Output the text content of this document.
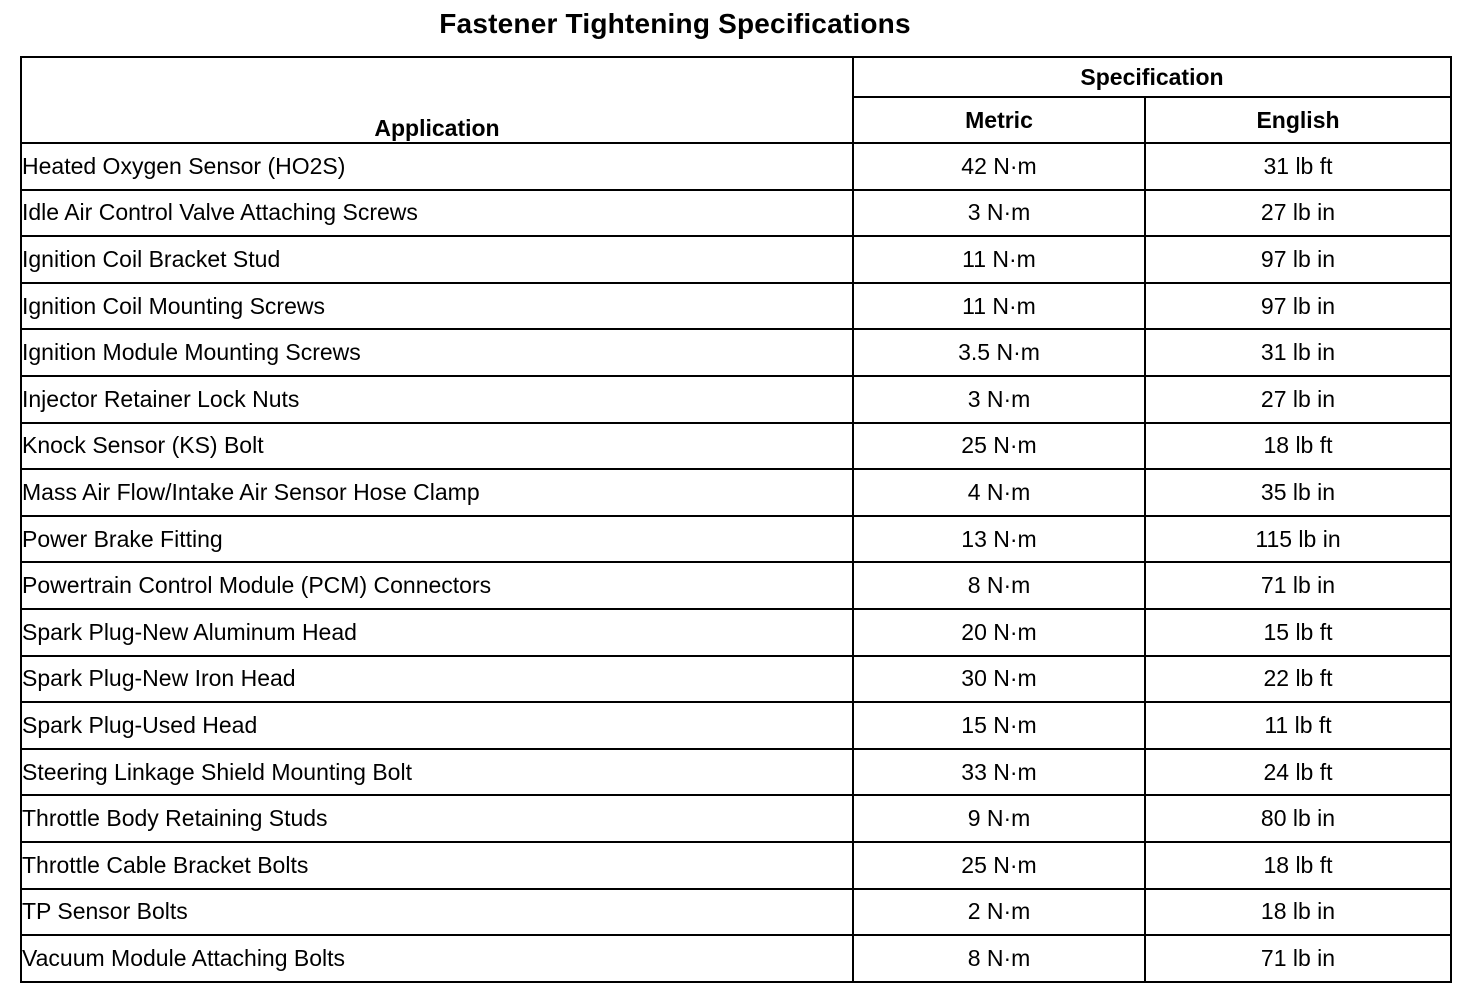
Fastener Tightening Specifications
Application	Specification	
	Metric	English
Heated Oxygen Sensor (HO2S)	42 N·m	31 lb ft
Idle Air Control Valve Attaching Screws	3 N·m	27 lb in
Ignition Coil Bracket Stud	11 N·m	97 lb in
Ignition Coil Mounting Screws	11 N·m	97 lb in
Ignition Module Mounting Screws	3.5 N·m	31 lb in
Injector Retainer Lock Nuts	3 N·m	27 lb in
Knock Sensor (KS) Bolt	25 N·m	18 lb ft
Mass Air Flow/Intake Air Sensor Hose Clamp	4 N·m	35 lb in
Power Brake Fitting	13 N·m	115 lb in
Powertrain Control Module (PCM) Connectors	8 N·m	71 lb in
Spark Plug-New Aluminum Head	20 N·m	15 lb ft
Spark Plug-New Iron Head	30 N·m	22 lb ft
Spark Plug-Used Head	15 N·m	11 lb ft
Steering Linkage Shield Mounting Bolt	33 N·m	24 lb ft
Throttle Body Retaining Studs	9 N·m	80 lb in
Throttle Cable Bracket Bolts	25 N·m	18 lb ft
TP Sensor Bolts	2 N·m	18 lb in
Vacuum Module Attaching Bolts	8 N·m	71 lb in
